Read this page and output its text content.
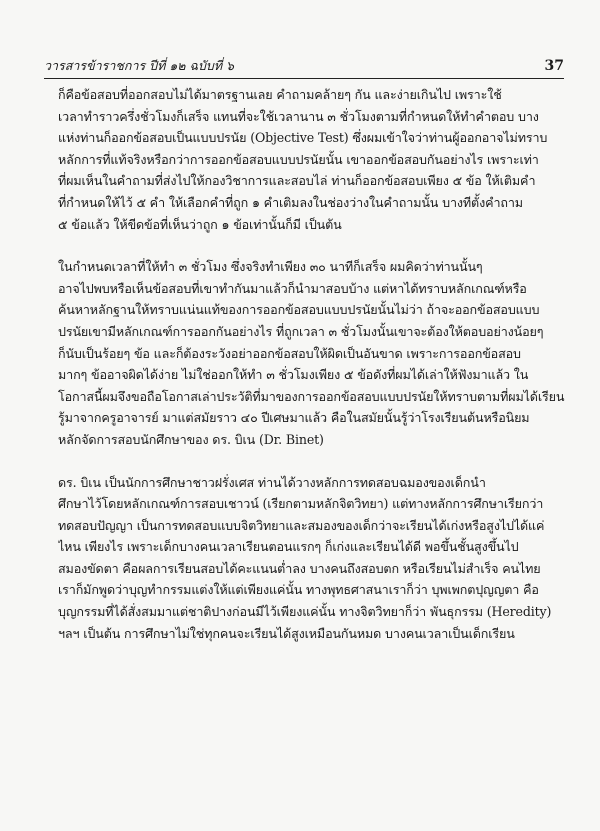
วารสารข้าราชการ ปีที่ ๑๒ ฉบับที่ ๖	37
ก็คือข้อสอบที่ออกสอบไม่ได้มาตรฐานเลย คำถามคล้ายๆ กัน และง่ายเกินไป เพราะใช้
เวลาทำราวครึ่งชั่วโมงก็เสร็จ แทนที่จะใช้เวลานาน ๓ ชั่วโมงตามที่กำหนดให้ทำคำตอบ บาง
แห่งท่านก็ออกข้อสอบเป็นแบบปรนัย (Objective Test) ซึ่งผมเข้าใจว่าท่านผู้ออกอาจไม่ทราบ
หลักการที่แท้จริงหรือกว่าการออกข้อสอบแบบปรนัยนั้น เขาออกข้อสอบกันอย่างไร เพราะเท่า
ที่ผมเห็นในคำถามที่ส่งไปให้กองวิชาการและสอบไล่ ท่านก็ออกข้อสอบเพียง ๕ ข้อ ให้เติมคำ
ที่กำหนดให้ไว้ ๕ คำ ให้เลือกคำที่ถูก ๑ คำเติมลงในช่องว่างในคำถามนั้น บางทีตั้งคำถาม
๕ ข้อแล้ว ให้ขีดข้อที่เห็นว่าถูก ๑ ข้อเท่านั้นก็มี เป็นต้น
ในกำหนดเวลาที่ให้ทำ ๓ ชั่วโมง ซึ่งจริงทำเพียง ๓๐ นาทีก็เสร็จ ผมคิดว่าท่านนั้นๆ
อาจไปพบหรือเห็นข้อสอบที่เขาทำกันมาแล้วก็นำมาสอบบ้าง แต่หาได้ทราบหลักเกณฑ์หรือ
ค้นหาหลักฐานให้ทราบแน่นแท้ของการออกข้อสอบแบบปรนัยนั้นไม่ว่า ถ้าจะออกข้อสอบแบบ
ปรนัยเขามีหลักเกณฑ์การออกกันอย่างไร ที่ถูกเวลา ๓ ชั่วโมงนั้นเขาจะต้องให้ตอบอย่างน้อยๆ
ก็นับเป็นร้อยๆ ข้อ และก็ต้องระวังอย่าออกข้อสอบให้ผิดเป็นอันขาด เพราะการออกข้อสอบ
มากๆ ข้ออาจผิดได้ง่าย ไม่ใช่ออกให้ทำ ๓ ชั่วโมงเพียง ๕ ข้อดังที่ผมได้เล่าให้ฟังมาแล้ว ใน
โอกาสนี้ผมจึงขอถือโอกาสเล่าประวัติที่มาของการออกข้อสอบแบบปรนัยให้ทราบตามที่ผมได้เรียน
รู้มาจากครูอาจารย์ มาแต่สมัยราว ๔๐ ปีเศษมาแล้ว คือในสมัยนั้นรู้ว่าโรงเรียนต้นหรือนิยม
หลักจัดการสอบนักศึกษาของ ดร. บิเน (Dr. Binet)
ดร. บิเน เป็นนักการศึกษาชาวฝรั่งเศส ท่านได้วางหลักการทดสอบฉมองของเด็กนำ
ศึกษาไว้โดยหลักเกณฑ์การสอบเชาวน์ (เรียกตามหลักจิตวิทยา) แต่ทางหลักการศึกษาเรียกว่า
ทดสอบปัญญา เป็นการทดสอบแบบจิตวิทยาและสมองของเด็กว่าจะเรียนได้เก่งหรือสูงไปได้แค่
ไหน เพียงไร เพราะเด็กบางคนเวลาเรียนตอนแรกๆ ก็เก่งและเรียนได้ดี พอขึ้นชั้นสูงขึ้นไป
สมองขัดตา คือผลการเรียนสอบได้คะแนนต่ำลง บางคนถึงสอบตก หรือเรียนไม่สำเร็จ คนไทย
เราก็มักพูดว่าบุญทำกรรมแต่งให้แต่เพียงแค่นั้น ทางพุทธศาสนาเราก็ว่า บุพเพกตปุญญตา คือ
บุญกรรมที่ได้สั่งสมมาแต่ชาติปางก่อนมีไว้เพียงแค่นั้น ทางจิตวิทยาก็ว่า พันธุกรรม (Heredity)
ฯลฯ เป็นต้น การศึกษาไม่ใช่ทุกคนจะเรียนได้สูงเหมือนกันหมด บางคนเวลาเป็นเด็กเรียน
